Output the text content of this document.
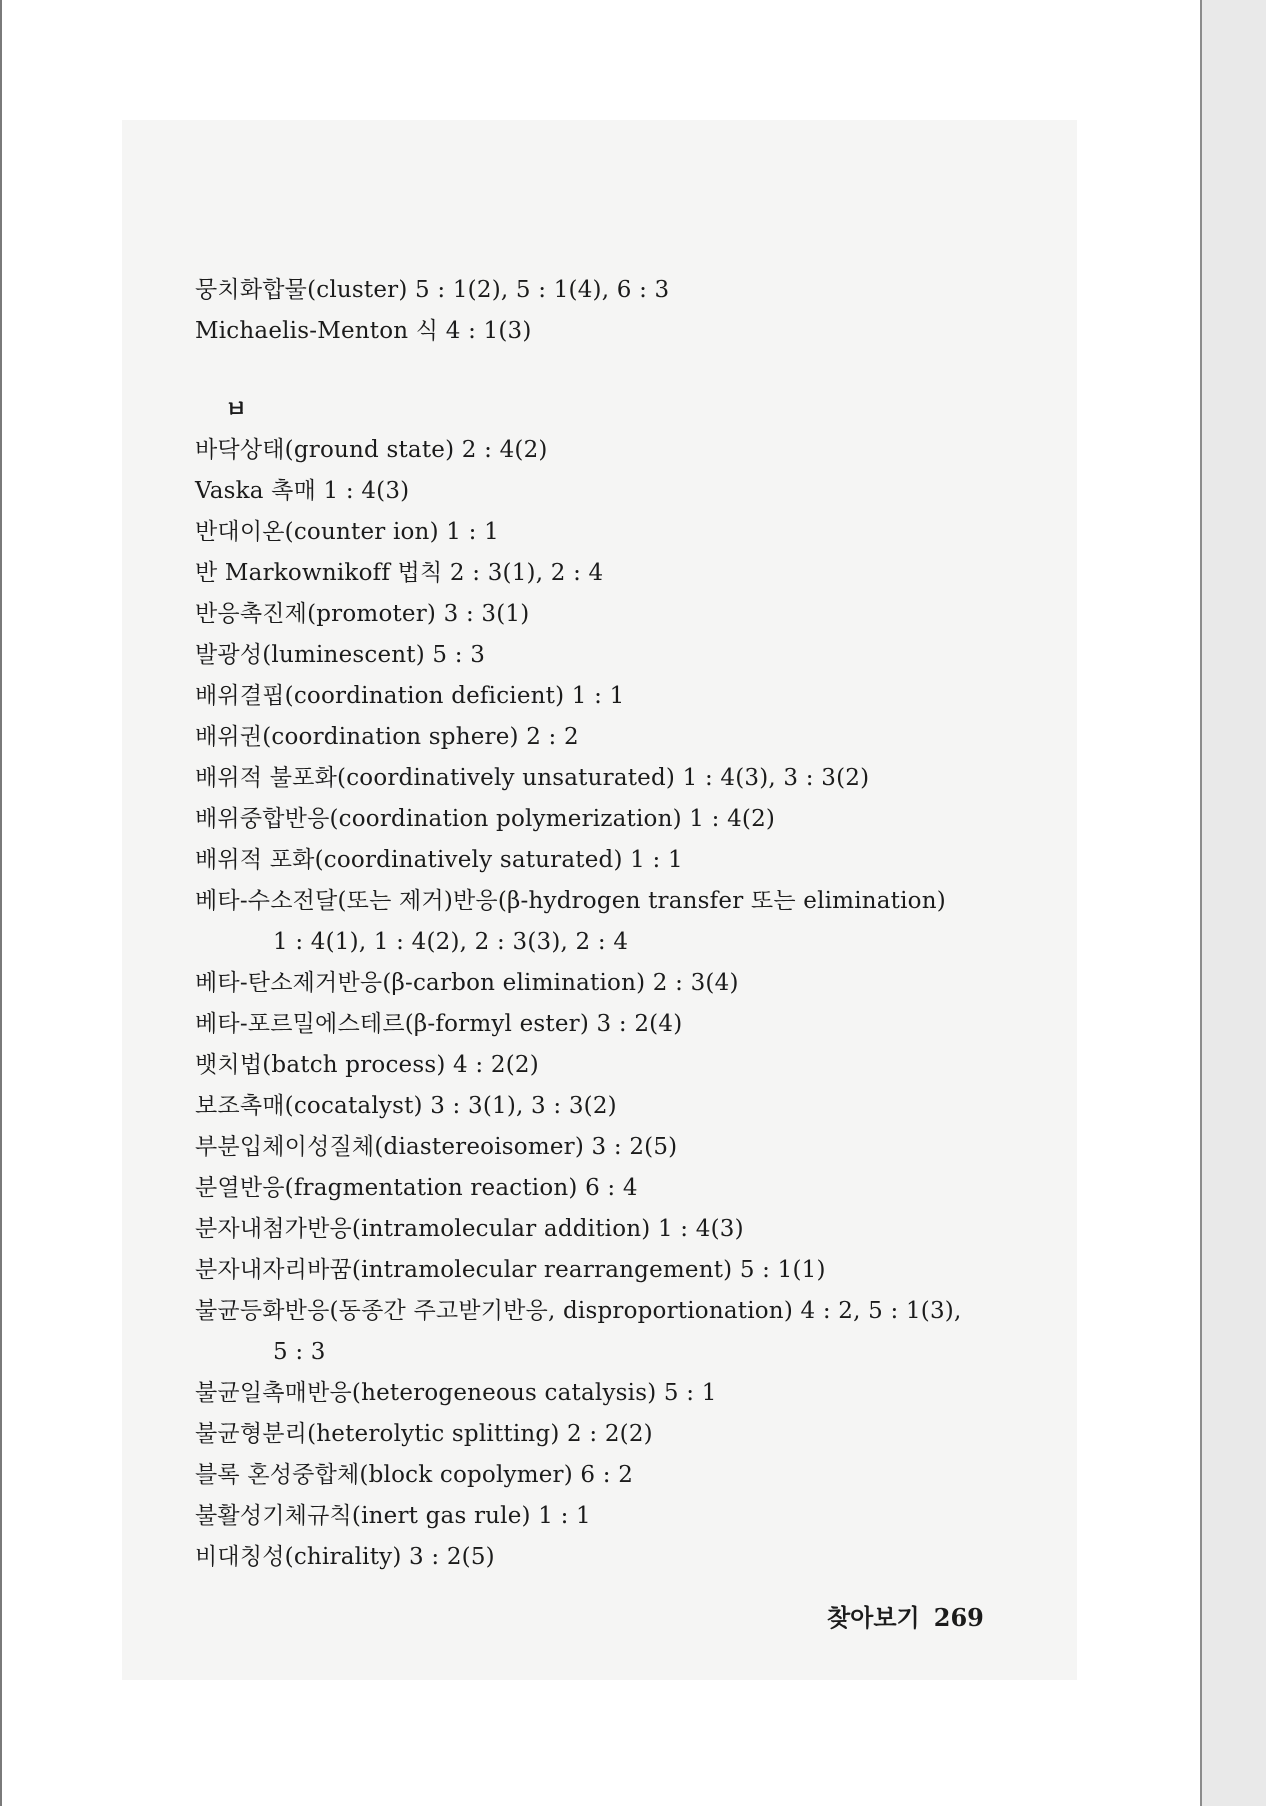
뭉치화합물(cluster) 5 : 1(2), 5 : 1(4), 6 : 3
Michaelis-Menton 식 4 : 1(3)
ㅂ
바닥상태(ground state) 2 : 4(2)
Vaska 촉매 1 : 4(3)
반대이온(counter ion) 1 : 1
반 Markownikoff 법칙 2 : 3(1), 2 : 4
반응촉진제(promoter) 3 : 3(1)
발광성(luminescent) 5 : 3
배위결핍(coordination deficient) 1 : 1
배위권(coordination sphere) 2 : 2
배위적 불포화(coordinatively unsaturated) 1 : 4(3), 3 : 3(2)
배위중합반응(coordination polymerization) 1 : 4(2)
배위적 포화(coordinatively saturated) 1 : 1
베타-수소전달(또는 제거)반응(β-hydrogen transfer 또는 elimination)
1 : 4(1), 1 : 4(2), 2 : 3(3), 2 : 4
베타-탄소제거반응(β-carbon elimination) 2 : 3(4)
베타-포르밀에스테르(β-formyl ester) 3 : 2(4)
뱃치법(batch process) 4 : 2(2)
보조촉매(cocatalyst) 3 : 3(1), 3 : 3(2)
부분입체이성질체(diastereoisomer) 3 : 2(5)
분열반응(fragmentation reaction) 6 : 4
분자내첨가반응(intramolecular addition) 1 : 4(3)
분자내자리바꿈(intramolecular rearrangement) 5 : 1(1)
불균등화반응(동종간 주고받기반응, disproportionation) 4 : 2, 5 : 1(3),
5 : 3
불균일촉매반응(heterogeneous catalysis) 5 : 1
불균형분리(heterolytic splitting) 2 : 2(2)
블록 혼성중합체(block copolymer) 6 : 2
불활성기체규칙(inert gas rule) 1 : 1
비대칭성(chirality) 3 : 2(5)
찾아보기 269
